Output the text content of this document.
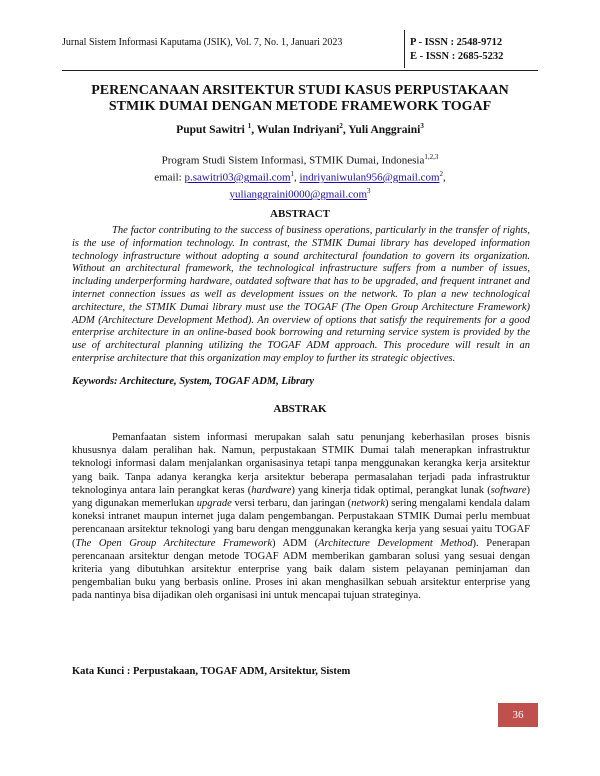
Jurnal Sistem Informasi Kaputama (JSIK), Vol. 7, No. 1, Januari 2023	P - ISSN : 2548-9712
E - ISSN : 2685-5232
PERENCANAAN ARSITEKTUR STUDI KASUS PERPUSTAKAAN
STMIK DUMAI DENGAN METODE FRAMEWORK TOGAF
Puput Sawitri $^1$, Wulan Indriyani$^2$, Yuli Anggraini$^3$
Program Studi Sistem Informasi, STMIK Dumai, Indonesia$^{1,2,3}$
email: p.sawitri03@gmail.com$^1$, indriyaniwulan956@gmail.com$^2$,
yulianggraini0000@gmail.com$^3$
ABSTRACT
The factor contributing to the success of business operations, particularly in the transfer of rights, is the use of information technology. In contrast, the STMIK Dumai library has developed information technology infrastructure without adopting a sound architectural foundation to govern its organization. Without an architectural framework, the technological infrastructure suffers from a number of issues, including underperforming hardware, outdated software that has to be upgraded, and frequent intranet and internet connection issues as well as development issues on the network. To plan a new technological architecture, the STMIK Dumai library must use the TOGAF (The Open Group Architecture Framework) ADM (Architecture Development Method). An overview of options that satisfy the requirements for a good enterprise architecture in an online-based book borrowing and returning service system is provided by the use of architectural planning utilizing the TOGAF ADM approach. This procedure will result in an enterprise architecture that this organization may employ to further its strategic objectives.
Keywords: Architecture, System, TOGAF ADM, Library
ABSTRAK
Pemanfaatan sistem informasi merupakan salah satu penunjang keberhasilan proses bisnis khususnya dalam peralihan hak. Namun, perpustakaan STMIK Dumai talah menerapkan infrastruktur teknologi informasi dalam menjalankan organisasinya tetapi tanpa menggunakan kerangka kerja arsitektur yang baik. Tanpa adanya kerangka kerja arsitektur beberapa permasalahan terjadi pada infrastruktur teknologinya antara lain perangkat keras (hardware) yang kinerja tidak optimal, perangkat lunak (software) yang digunakan memerlukan upgrade versi terbaru, dan jaringan (network) sering mengalami kendala dalam koneksi intranet maupun internet juga dalam pengembangan. Perpustakaan STMIK Dumai perlu membuat perencanaan arsitektur teknologi yang baru dengan menggunakan kerangka kerja yang sesuai yaitu TOGAF (The Open Group Architecture Framework) ADM (Architecture Development Method). Penerapan perencanaan arsitektur dengan metode TOGAF ADM memberikan gambaran solusi yang sesuai dengan kriteria yang dibutuhkan arsitektur enterprise yang baik dalam sistem pelayanan peminjaman dan pengembalian buku yang berbasis online. Proses ini akan menghasilkan sebuah arsitektur enterprise yang pada nantinya bisa dijadikan oleh organisasi ini untuk mencapai tujuan strateginya.
Kata Kunci : Perpustakaan, TOGAF ADM, Arsitektur, Sistem
36
